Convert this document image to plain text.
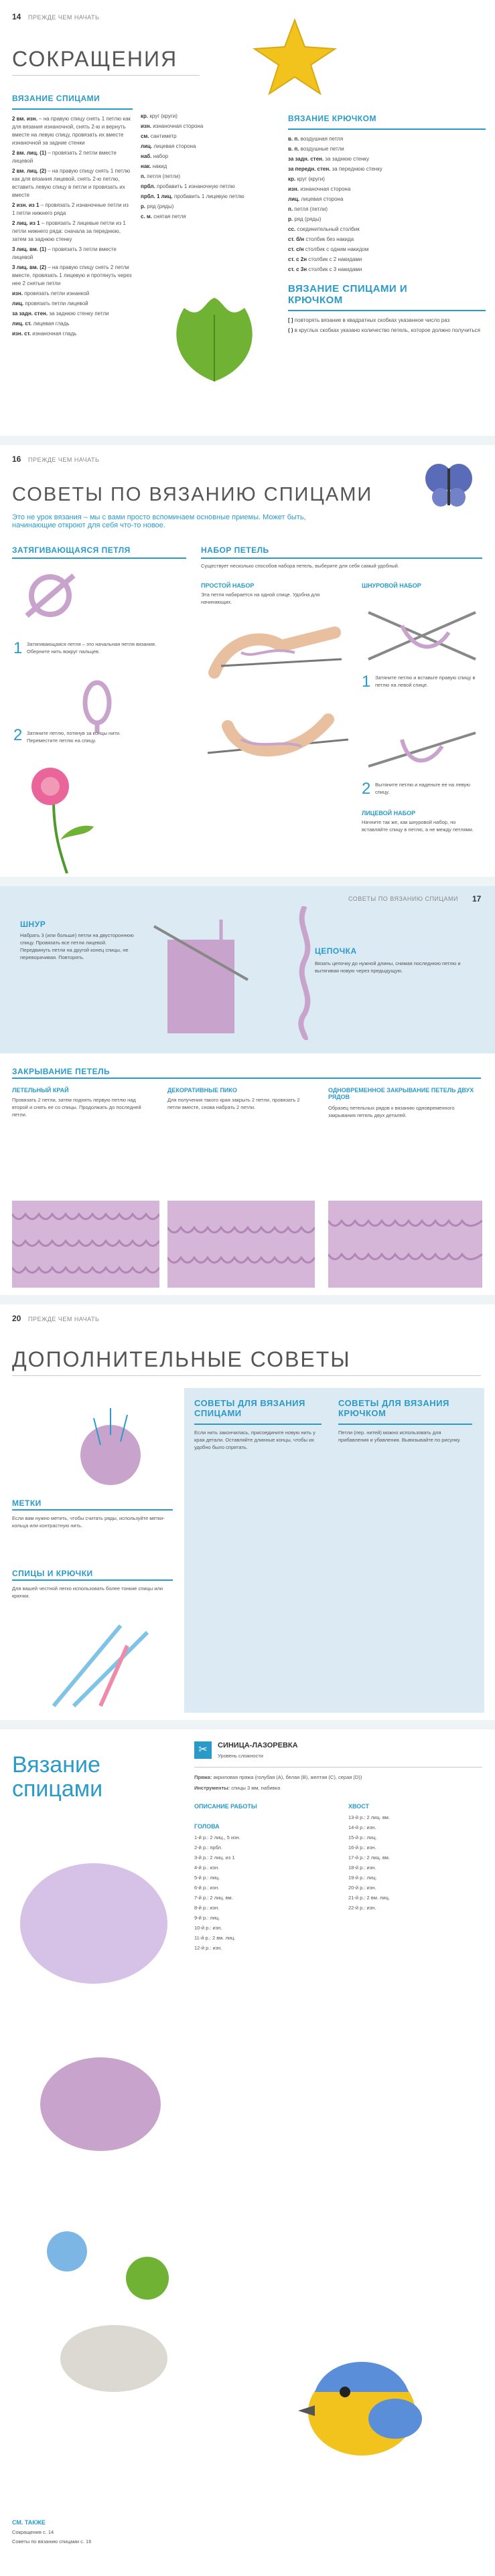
14 ПРЕЖДЕ ЧЕМ НАЧАТЬ
СОКРАЩЕНИЯ
ВЯЗАНИЕ СПИЦАМИ
2 вм. изн. – на правую спицу снять 1 петлю как для вязания изнаночной, снять 2-ю и вернуть вместе на левую спицу, провязать их вместе изнаночной за задние стенки
2 вм. лиц. (1) – провязать 2 петли вместе лицевой
2 вм. лиц. (2) – на правую спицу снять 1 петлю как для вязания лицевой, снять 2-ю петлю, вставить левую спицу в петли и провязать их вместе
2 изн. из 1 – провязать 2 изнаночные петли из 1 петли нижнего ряда
2 лиц. из 1 – провязать 2 лицевые петли из 1 петли нижнего ряда: сначала за переднюю, затем за заднюю стенку
3 лиц. вм. (1) – провязать 3 петли вместе лицевой
3 лиц. вм. (2) – на правую спицу снять 2 петли вместе, провязать 1 лицевую и протянуть через нее 2 снятые петли
изн. провязать петли изнанкой
лиц. провязать петли лицевой
за задн. стен. за заднюю стенку петли
лиц. ст. лицевая гладь
изн. ст. изнаночная гладь
кр. круг (круги)
изн. изнаночная сторона
см. сантиметр
лиц. лицевая сторона
наб. набор
нак. накид
п. петля (петли)
прбл. пробавить 1 изнаночную петлю
прбл. 1 лиц. пробавить 1 лицевую петлю
р. ряд (ряды)
с. м. снятая петля
ВЯЗАНИЕ КРЮЧКОМ
в. п. воздушная петля
в. п. воздушные петли
за задн. стен. за заднюю стенку
за передн. стен. за переднюю стенку
кр. круг (круги)
изн. изнаночная сторона
лиц. лицевая сторона
п. петля (петли)
р. ряд (ряды)
сс. соединительный столбик
ст. б/н столбик без накида
ст. с/н столбик с одним накидом
ст. с 2н столбик с 2 накидами
ст. с 3н столбик с 3 накидами
ВЯЗАНИЕ СПИЦАМИ И КРЮЧКОМ
[ ] повторять вязание в квадратных скобках указанное число раз
( ) в круглых скобках указано количество петель, которое должно получиться
16 ПРЕЖДЕ ЧЕМ НАЧАТЬ
СОВЕТЫ ПО ВЯЗАНИЮ СПИЦАМИ
Это не урок вязания – мы с вами просто вспоминаем основные приемы. Может быть, начинающие откроют для себя что-то новое.
ЗАТЯГИВАЮЩАЯСЯ ПЕТЛЯ
1 Затягивающаяся петля – это начальная петля вязания. Оберните нить вокруг пальцев.
2 Затяните петлю, потянув за концы нити. Переместите петлю на спицу.
НАБОР ПЕТЕЛЬ
Существует несколько способов набора петель, выберите для себя самый удобный.
ПРОСТОЙ НАБОР
Эта петля набирается на одной спице. Удобна для начинающих.
ШНУРОВОЙ НАБОР
1 Затяните петлю и вставьте правую спицу в петлю на левой спице.
2 Вытяните петлю и наденьте ее на левую спицу.
ЛИЦЕВОЙ НАБОР
Начните так же, как шнуровой набор, но вставляйте спицу в петлю, а не между петлями.
СОВЕТЫ ПО ВЯЗАНИЮ СПИЦАМИ 17
ШНУР
Набрать 3 (или больше) петли на двустороннюю спицу. Провязать все петли лицевой. Передвинуть петли на другой конец спицы, не переворачивая. Повторять.
ЦЕПОЧКА
Вязать цепочку до нужной длины, снимая последнюю петлю и вытягивая новую через предыдущую.
ЗАКРЫВАНИЕ ПЕТЕЛЬ
ЛЕТЕЛЬНЫЙ КРАЙ
Провязать 2 петли, затем поднять первую петлю над второй и снять ее со спицы. Продолжать до последней петли.
ДЕКОРАТИВНЫЕ ПИКО
Для получения такого края закрыть 2 петли, провязать 2 петли вместе, снова набрать 2 петли.
ОДНОВРЕМЕННОЕ ЗАКРЫВАНИЕ ПЕТЕЛЬ ДВУХ РЯДОВ
Образец петельных рядов к вязанию одновременного закрывания петель двух деталей.
20 ПРЕЖДЕ ЧЕМ НАЧАТЬ
ДОПОЛНИТЕЛЬНЫЕ СОВЕТЫ
МЕТКИ
Если вам нужно метить, чтобы считать ряды, используйте метки-кольца или контрастную нить.
СПИЦЫ И КРЮЧКИ
Для вашей честной легко использовать более тонкие спицы или крючки.
СОВЕТЫ ДЛЯ ВЯЗАНИЯ СПИЦАМИ
Если нить закончилась, присоедините новую нить у края детали. Оставляйте длинные концы, чтобы их удобно было спрятать.
СОВЕТЫ ДЛЯ ВЯЗАНИЯ КРЮЧКОМ
Петли (пер. нитей) можно использовать для прибавления и убавления. Вывязывайте по рисунку.
Вязание
спицами
СМ. ТАКЖЕ
Сокращения с. 14
Советы по вязанию спицами с. 16
✂	СИНИЦА-ЛАЗОРЕВКА
Уровень сложности
Пряжа: акриловая пряжа (голубая (А), белая (В), желтая (С), серая (D))
Инструменты: спицы 3 мм, набивка
ОПИСАНИЕ РАБОТЫ
ГОЛОВА
1-й р.: 2 лиц., 5 изн.
2-й р.: прбл.
3-й р.: 2 лиц. из 1
4-й р.: изн.
5-й р.: лиц.
6-й р.: изн.
7-й р.: 2 лиц. вм.
8-й р.: изн.
9-й р.: лиц.
10-й р.: изн.
11-й р.: 2 вм. лиц.
12-й р.: изн.
ХВОСТ
13-й р.: 2 лиц. вм.
14-й р.: изн.
15-й р.: лиц.
16-й р.: изн.
17-й р.: 2 лиц. вм.
18-й р.: изн.
19-й р.: лиц.
20-й р.: изн.
21-й р.: 2 вм. лиц.
22-й р.: изн.
